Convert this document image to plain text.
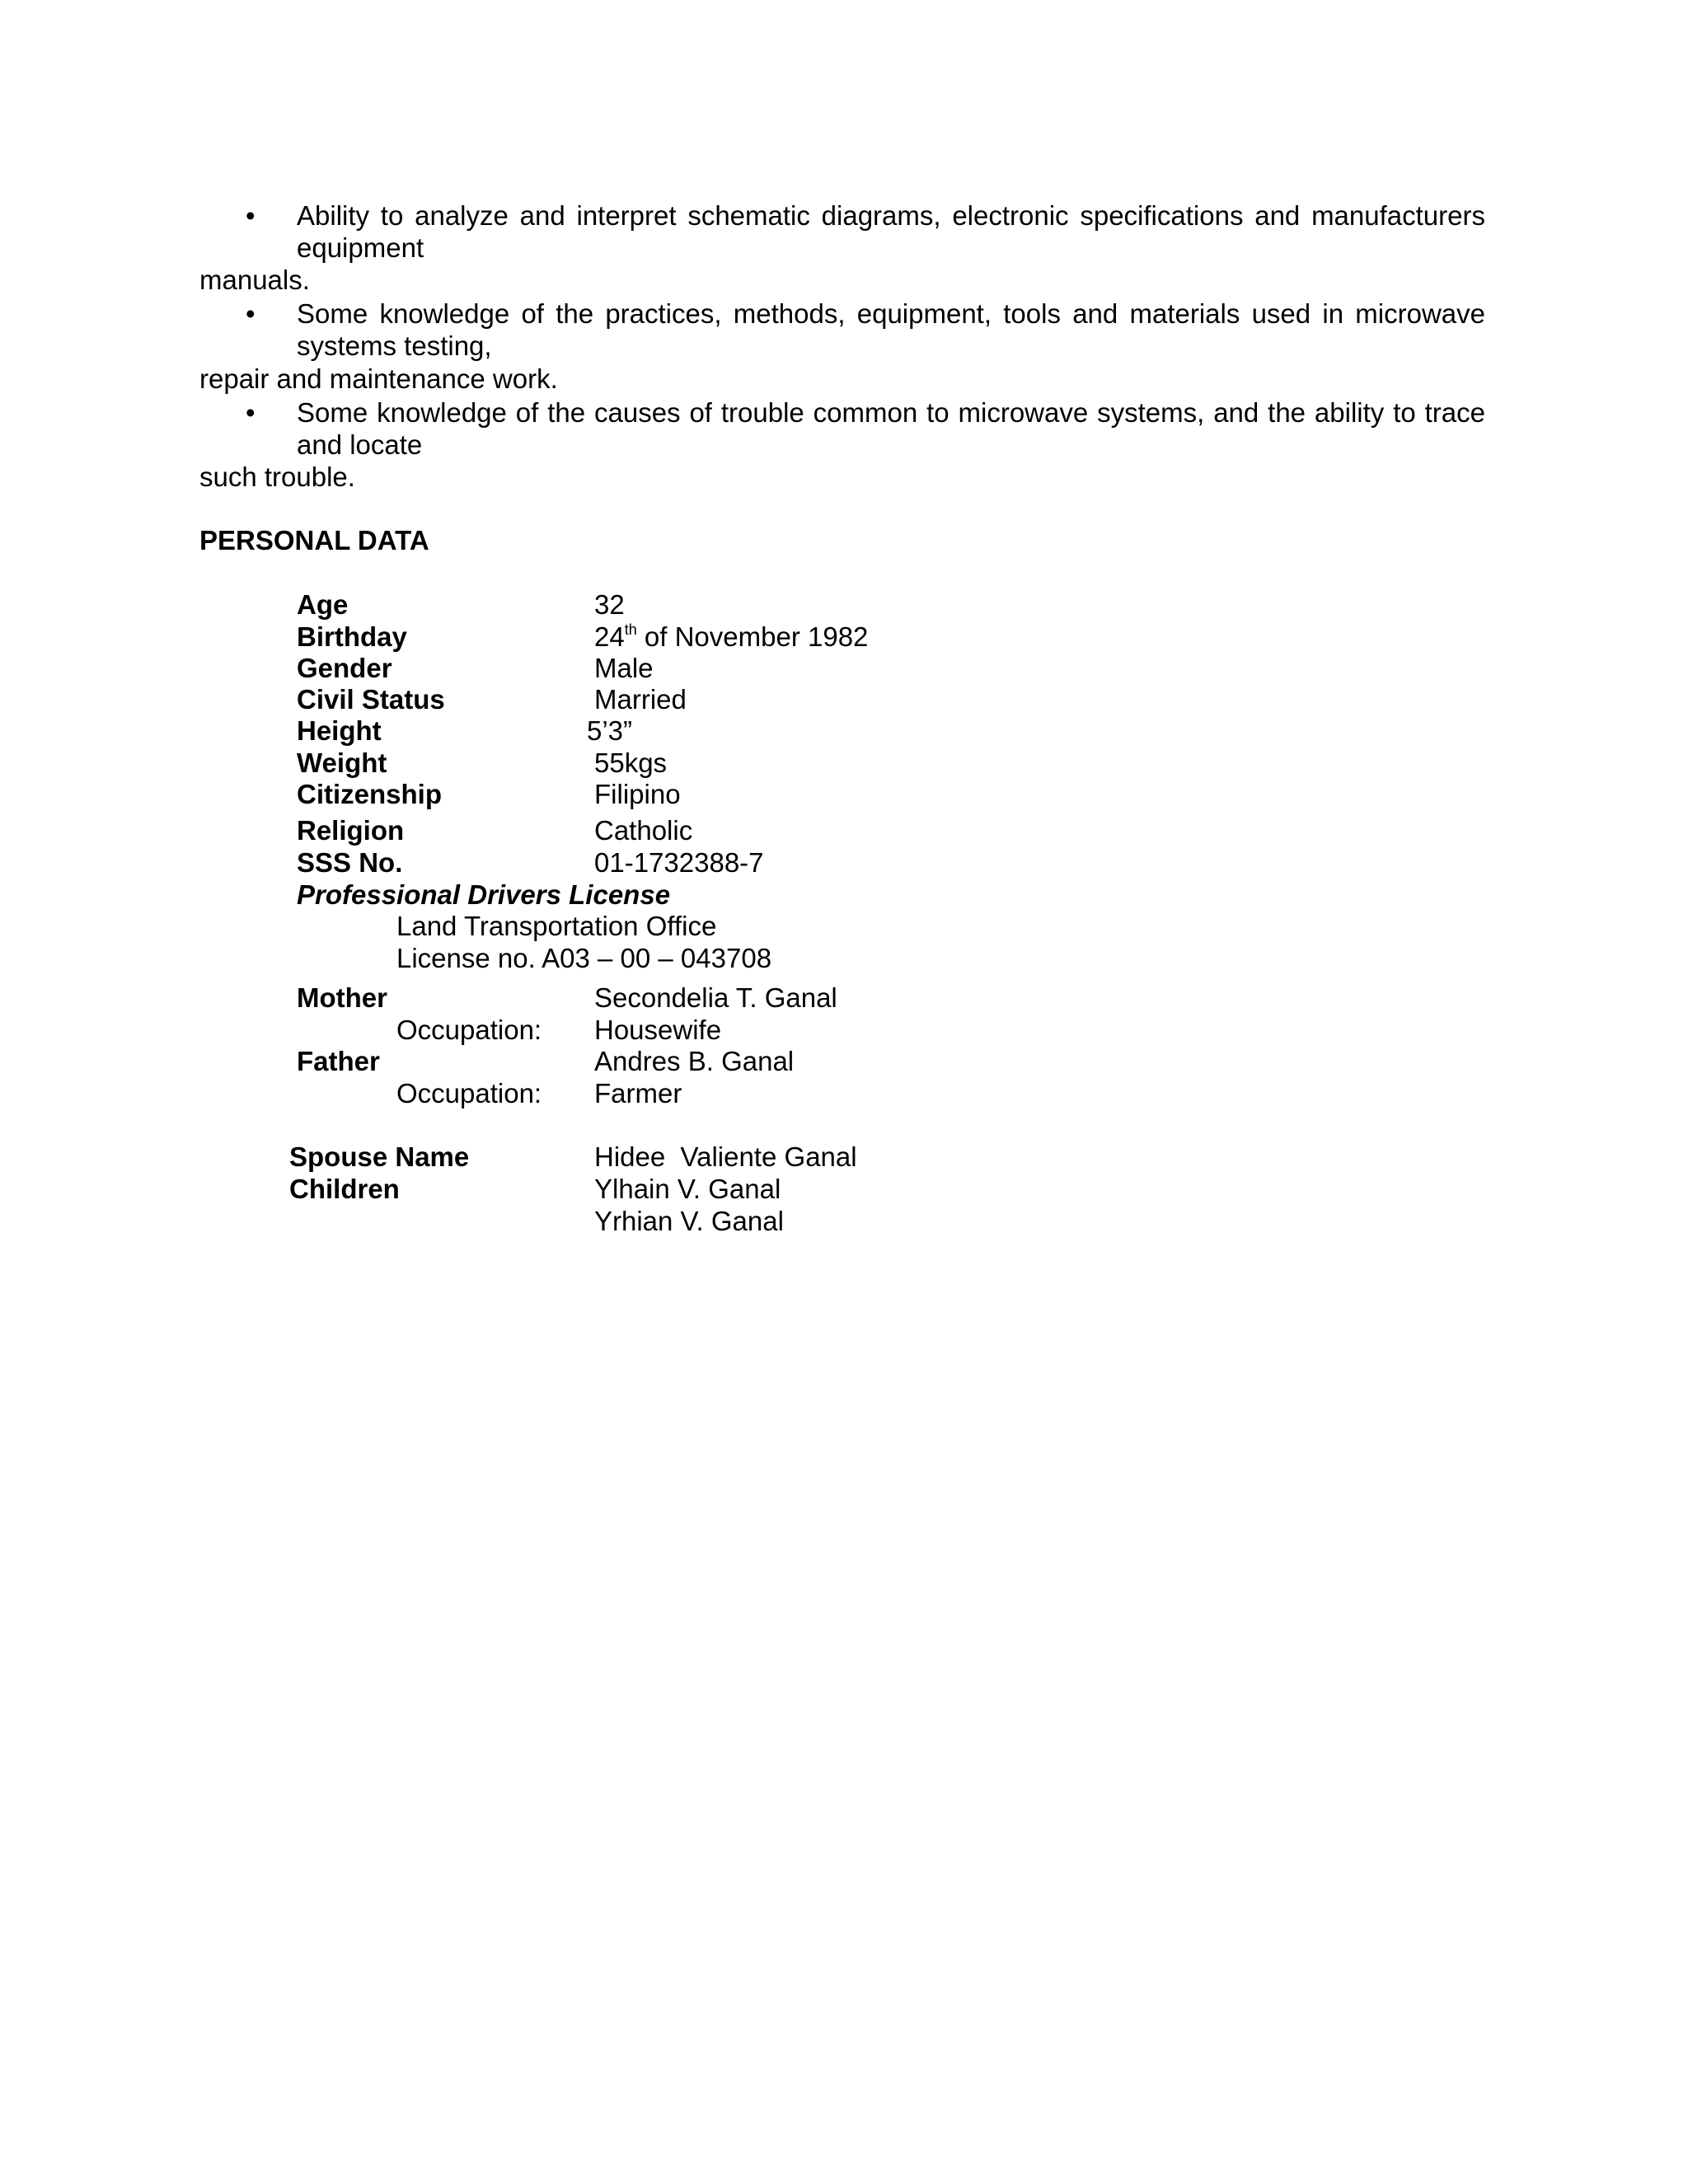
• Ability to analyze and interpret schematic diagrams, electronic specifications and manufacturers equipment
manuals.
• Some knowledge of the practices, methods, equipment, tools and materials used in microwave systems testing,
repair and maintenance work.
• Some knowledge of the causes of trouble common to microwave systems, and the ability to trace and locate
such trouble.
PERSONAL DATA
Age	32
Birthday	24th of November 1982
Gender	Male
Civil Status	Married
Height	5’3”
Weight	55kgs
Citizenship	Filipino
Religion	Catholic
SSS No.	01-1732388-7
Professional Drivers License
Land Transportation Office
License no. A03 – 00 – 043708
Mother	Secondelia T. Ganal
Occupation: Housewife
Father	Andres B. Ganal
Occupation: Farmer
Spouse Name	Hidee  Valiente Ganal
Children	Ylhain V. Ganal
Yrhian V. Ganal
